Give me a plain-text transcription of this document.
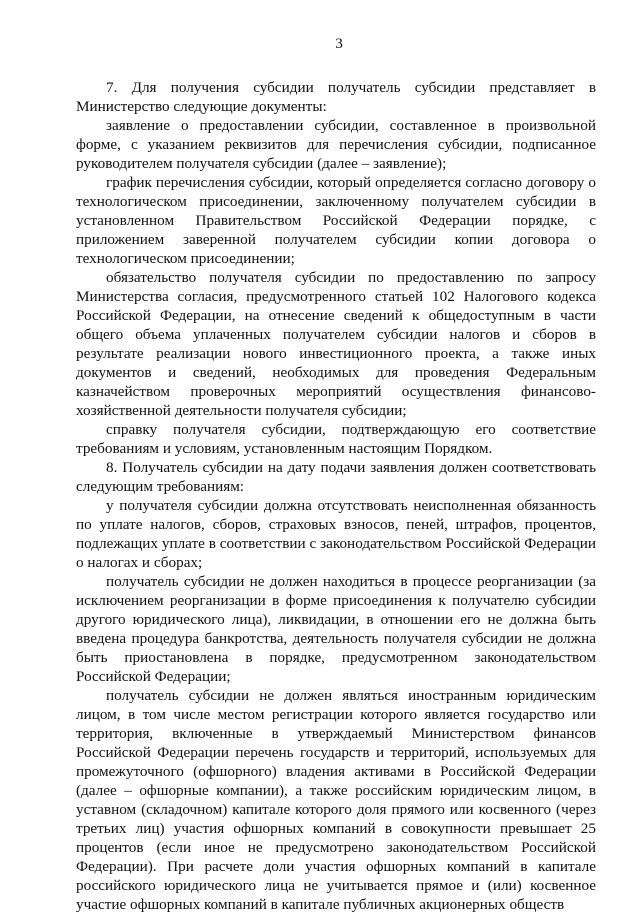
3

7. Для получения субсидии получатель субсидии представляет в Министерство следующие документы:

заявление о предоставлении субсидии, составленное в произвольной форме, с указанием реквизитов для перечисления субсидии, подписанное руководителем получателя субсидии (далее – заявление);

график перечисления субсидии, который определяется согласно договору о технологическом присоединении, заключенному получателем субсидии в установленном Правительством Российской Федерации порядке, с приложением заверенной получателем субсидии копии договора о технологическом присоединении;

обязательство получателя субсидии по предоставлению по запросу Министерства согласия, предусмотренного статьей 102 Налогового кодекса Российской Федерации, на отнесение сведений к общедоступным в части общего объема уплаченных получателем субсидии налогов и сборов в результате реализации нового инвестиционного проекта, а также иных документов и сведений, необходимых для проведения Федеральным казначейством проверочных мероприятий осуществления финансово-хозяйственной деятельности получателя субсидии;

справку получателя субсидии, подтверждающую его соответствие требованиям и условиям, установленным настоящим Порядком.

8. Получатель субсидии на дату подачи заявления должен соответствовать следующим требованиям:

у получателя субсидии должна отсутствовать неисполненная обязанность по уплате налогов, сборов, страховых взносов, пеней, штрафов, процентов, подлежащих уплате в соответствии с законодательством Российской Федерации о налогах и сборах;

получатель субсидии не должен находиться в процессе реорганизации (за исключением реорганизации в форме присоединения к получателю субсидии другого юридического лица), ликвидации, в отношении его не должна быть введена процедура банкротства, деятельность получателя субсидии не должна быть приостановлена в порядке, предусмотренном законодательством Российской Федерации;

получатель субсидии не должен являться иностранным юридическим лицом, в том числе местом регистрации которого является государство или территория, включенные в утверждаемый Министерством финансов Российской Федерации перечень государств и территорий, используемых для промежуточного (офшорного) владения активами в Российской Федерации (далее – офшорные компании), а также российским юридическим лицом, в уставном (складочном) капитале которого доля прямого или косвенного (через третьих лиц) участия офшорных компаний в совокупности превышает 25 процентов (если иное не предусмотрено законодательством Российской Федерации). При расчете доли участия офшорных компаний в капитале российского юридического лица не учитывается прямое и (или) косвенное участие офшорных компаний в капитале публичных акционерных обществ
